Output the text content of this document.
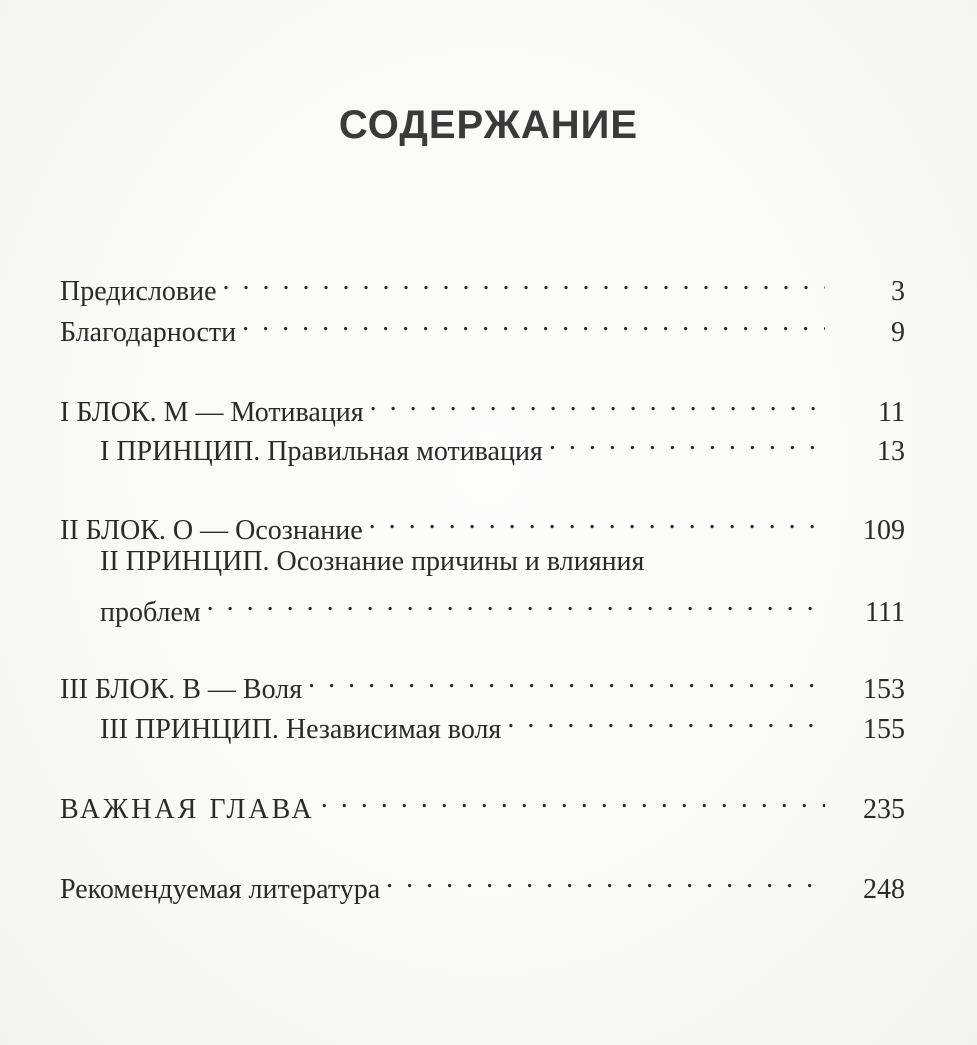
СОДЕРЖАНИЕ
Предисловие . . .	3
Благодарности . . .	9
I БЛОК. М — Мотивация . . .	11
I ПРИНЦИП. Правильная мотивация . . .	13
II БЛОК. О — Осознание . . .	109
II ПРИНЦИП. Осознание причины и влияния
проблем . . .	111
III БЛОК. В — Воля . . .	153
III ПРИНЦИП. Независимая воля . . .	155
ВАЖНАЯ ГЛАВА . . .	235
Рекомендуемая литература . . .	248
